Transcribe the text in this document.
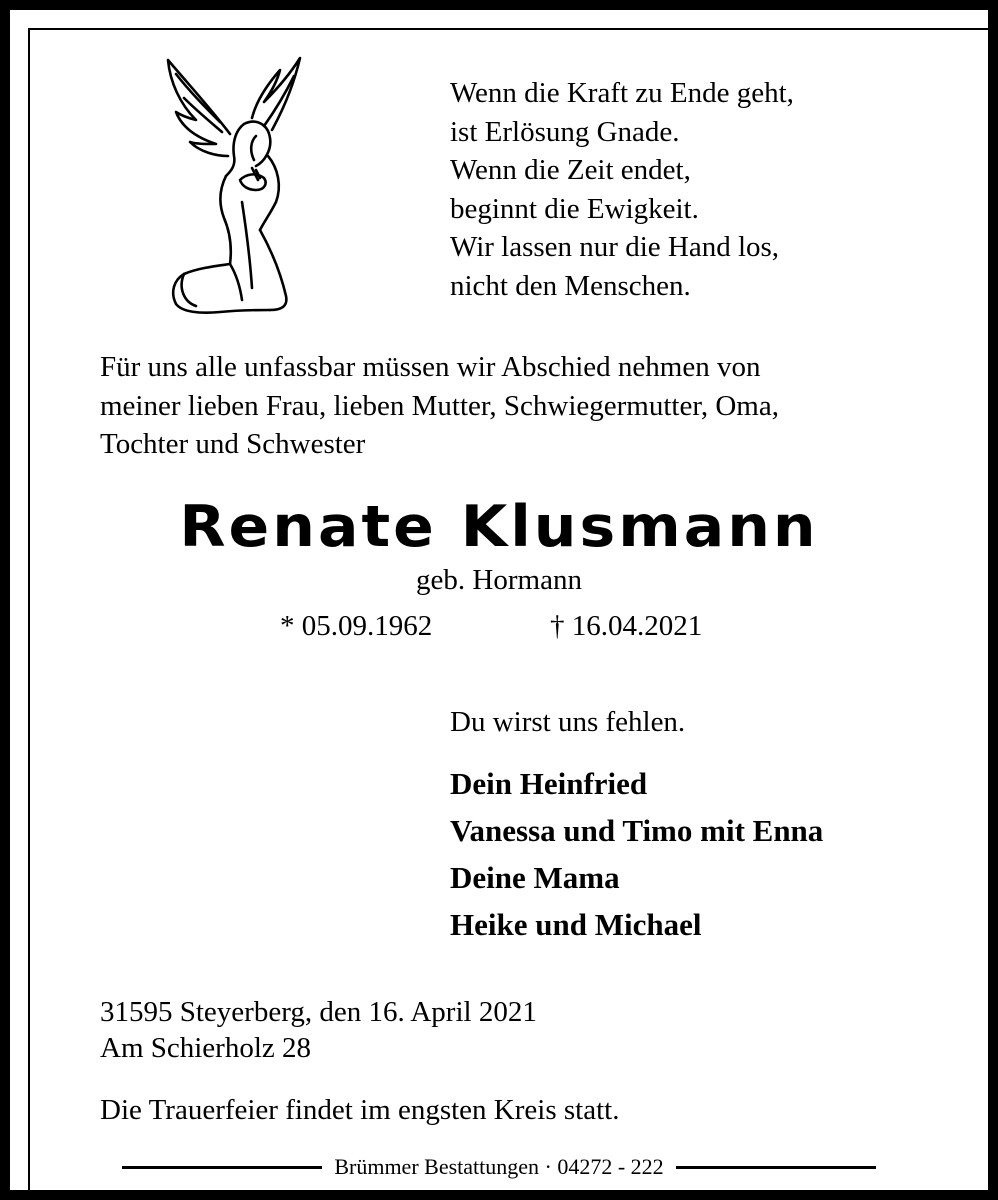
Wenn die Kraft zu Ende geht,
ist Erlösung Gnade.
Wenn die Zeit endet,
beginnt die Ewigkeit.
Wir lassen nur die Hand los,
nicht den Menschen.
Für uns alle unfassbar müssen wir Abschied nehmen von
meiner lieben Frau, lieben Mutter, Schwiegermutter, Oma,
Tochter und Schwester
Renate Klusmann
geb. Hormann
* 05.09.1962	† 16.04.2021
Du wirst uns fehlen.
Dein Heinfried
Vanessa und Timo mit Enna
Deine Mama
Heike und Michael
31595 Steyerberg, den 16. April 2021
Am Schierholz 28
Die Trauerfeier findet im engsten Kreis statt.
Brümmer Bestattungen · 04272 - 222
